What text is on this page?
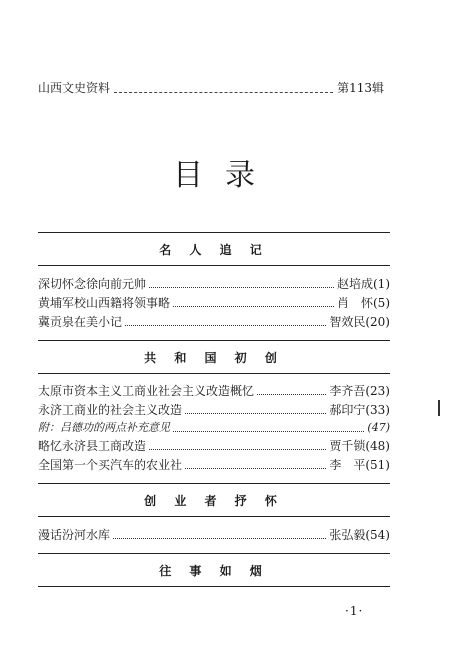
山西文史资料	第113辑
目录
名 人 追 记
深切怀念徐向前元帅	赵培成 (1)
黄埔军校山西籍将领事略	肖　怀 (5)
冀贡泉在美小记	智效民 (20)
共 和 国 初 创
太原市资本主义工商业社会主义改造概忆	李齐吾 (23)
永济工商业的社会主义改造	郝印宁 (33)
附：吕德功的两点补充意见	(47)
略忆永济县工商改造	贾千锁 (48)
全国第一个买汽车的农业社	李　平 (51)
创 业 者 抒 怀
漫话汾河水库	张弘毅 (54)
往 事 如 烟
·1·
